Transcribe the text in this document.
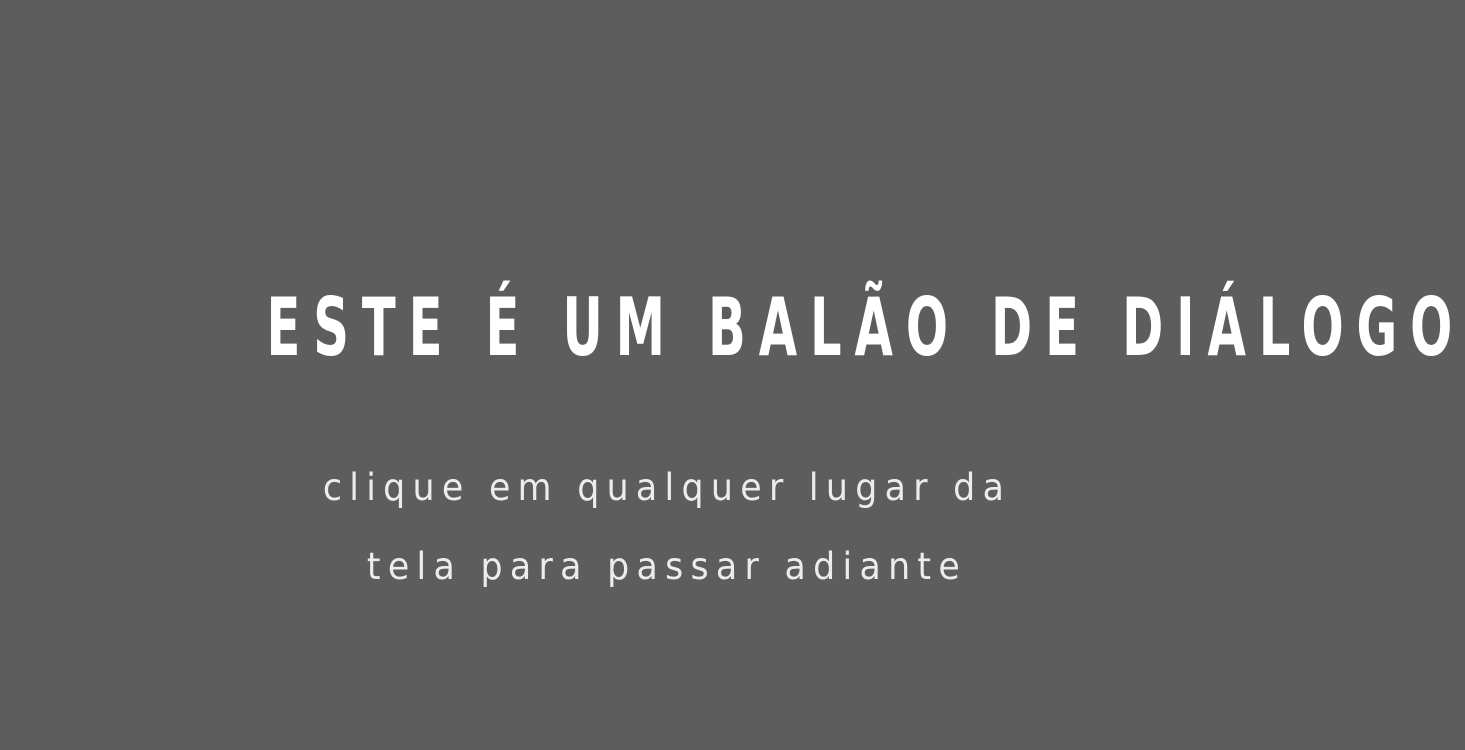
ESTE É UM BALÃO DE DIÁLOGO
clique em qualquer lugar da
tela para passar adiante
